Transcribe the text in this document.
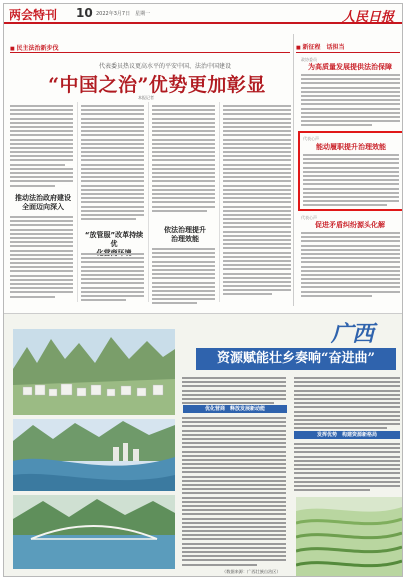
两会特刊 10 2022年3月7日　星期一	人民日报
■ 民主法治新步伐
代表委员热议更高水平的平安中国、法治中国建设
“中国之治”优势更加彰显
本报记者
推动法治政府建设
全面迈向深入
“放管服”改革持续优

依法治理提升
治理效能
■ 新征程　话担当
政协委员
为高质量发展提供法治保障
代表心声
能动履职提升治理效能
代表心声
促进矛盾纠纷源头化解
广西
资源赋能壮乡奏响“奋进曲”
优化营商　释放发展新动能
发挥优势　构建资源新格局
（数据来源：广西壮族自治区）
